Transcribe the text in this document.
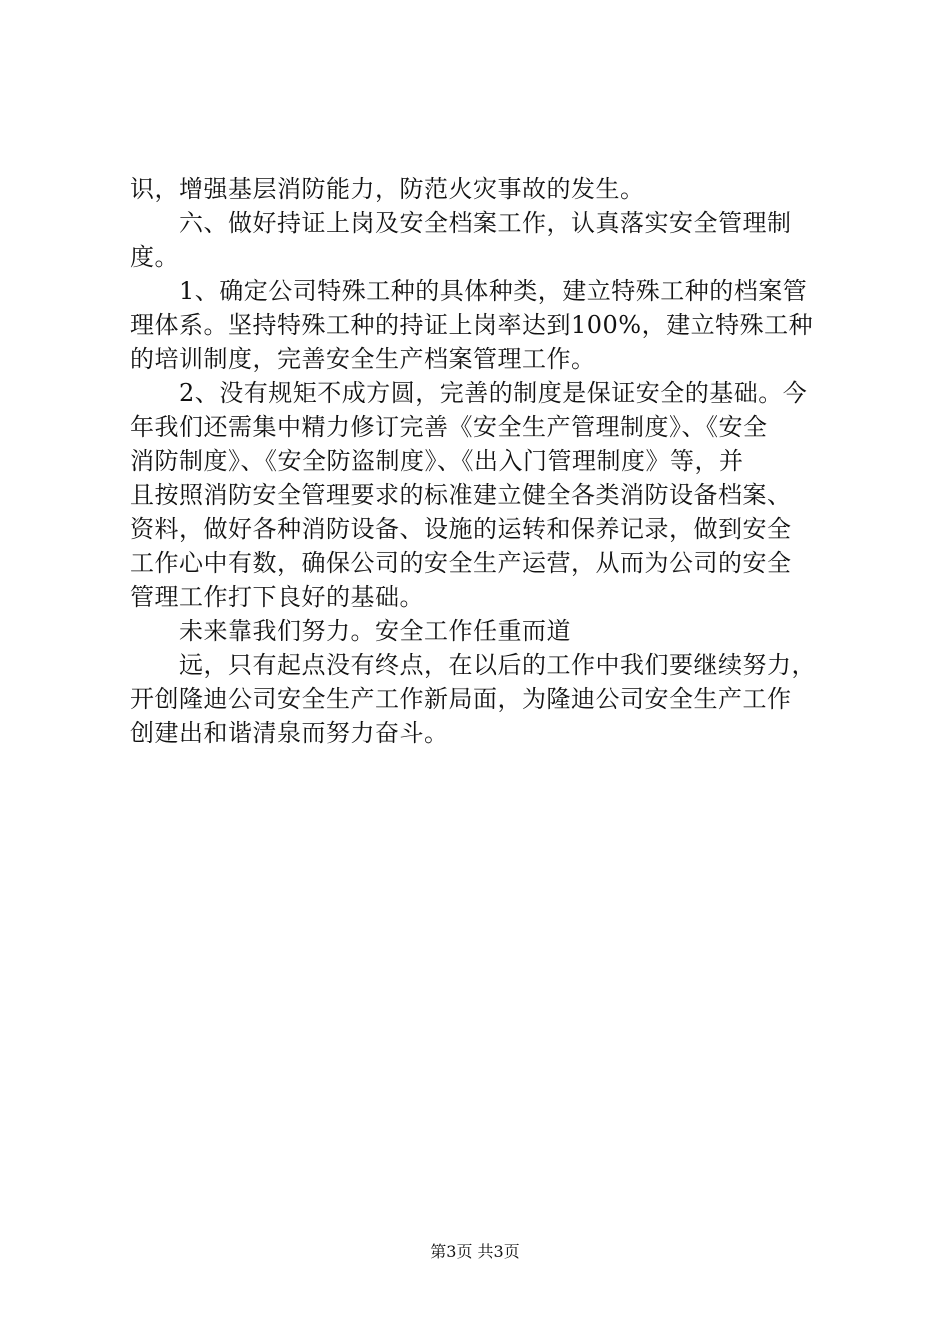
识，增强基层消防能力，防范火灾事故的发生。
　　六、做好持证上岗及安全档案工作，认真落实安全管理制
度。
　　1、确定公司特殊工种的具体种类，建立特殊工种的档案管
理体系。坚持特殊工种的持证上岗率达到100%，建立特殊工种
的培训制度，完善安全生产档案管理工作。
　　2、没有规矩不成方圆，完善的制度是保证安全的基础。今
年我们还需集中精力修订完善《安全生产管理制度》、《安全
消防制度》、《安全防盗制度》、《出入门管理制度》等，并
且按照消防安全管理要求的标准建立健全各类消防设备档案、
资料，做好各种消防设备、设施的运转和保养记录，做到安全
工作心中有数，确保公司的安全生产运营，从而为公司的安全
管理工作打下良好的基础。
　　未来靠我们努力。安全工作任重而道
　　远，只有起点没有终点，在以后的工作中我们要继续努力，
开创隆迪公司安全生产工作新局面，为隆迪公司安全生产工作
创建出和谐清泉而努力奋斗。
第3页 共3页
